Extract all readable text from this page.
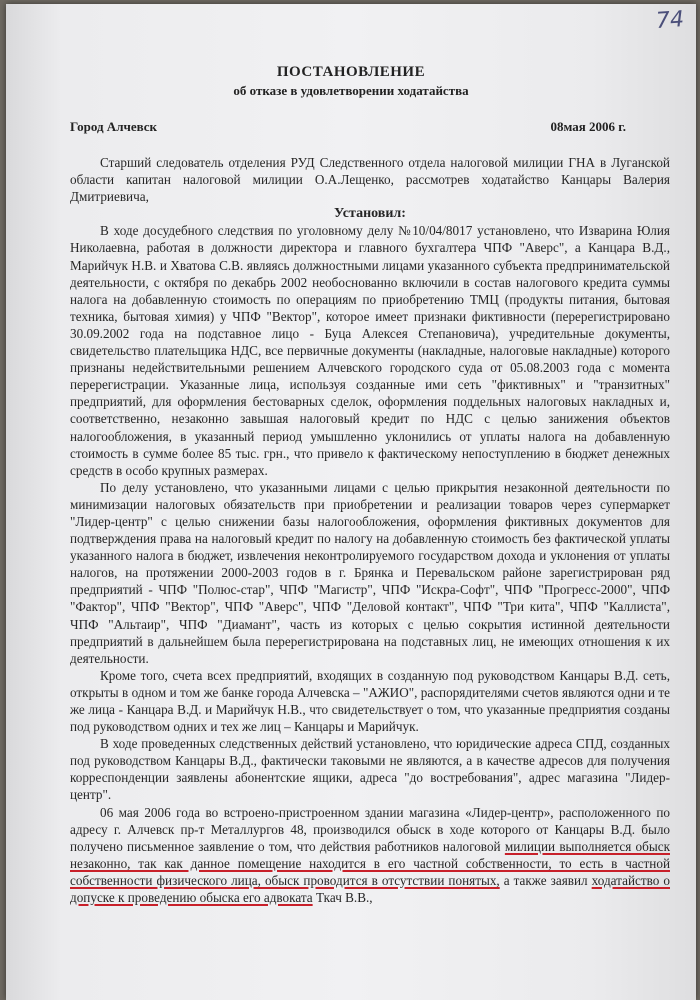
74
ПОСТАНОВЛЕНИЕ
об отказе в удовлетворении ходатайства
Город Алчевск	08мая 2006 г.

Старший следователь отделения РУД Следственного отдела налоговой милиции ГНА в Луганской области капитан налоговой милиции О.А.Лещенко, рассмотрев ходатайство Канцары Валерия Дмитриевича,

Установил:

В ходе досудебного следствия по уголовному делу №10/04/8017 установлено, что Изварина Юлия Николаевна, работая в должности директора и главного бухгалтера ЧПФ "Аверс", а Канцара В.Д., Марийчук Н.В. и Хватова С.В. являясь должностными лицами указанного субъекта предпринимательской деятельности, с октября по декабрь 2002 необоснованно включили в состав налогового кредита суммы налога на добавленную стоимость по операциям по приобретению ТМЦ (продукты питания, бытовая техника, бытовая химия) у ЧПФ "Вектор", которое имеет признаки фиктивности (перерегистрировано 30.09.2002 года на подставное лицо - Буца Алексея Степановича), учредительные документы, свидетельство плательщика НДС, все первичные документы (накладные, налоговые накладные) которого признаны недействительными решением Алчевского городского суда от 05.08.2003 года с момента перерегистрации. Указанные лица, используя созданные ими сеть "фиктивных" и "транзитных" предприятий, для оформления бестоварных сделок, оформления поддельных налоговых накладных и, соответственно, незаконно завышая налоговый кредит по НДС с целью занижения объектов налогообложения, в указанный период умышленно уклонились от уплаты налога на добавленную стоимость в сумме более 85 тыс. грн., что привело к фактическому непоступлению в бюджет денежных средств в особо крупных размерах.

По делу установлено, что указанными лицами с целью прикрытия незаконной деятельности по минимизации налоговых обязательств при приобретении и реализации товаров через супермаркет "Лидер-центр" с целью снижении базы налогообложения, оформления фиктивных документов для подтверждения права на налоговый кредит по налогу на добавленную стоимость без фактической уплаты указанного налога в бюджет, извлечения неконтролируемого государством дохода и уклонения от уплаты налогов, на протяжении 2000-2003 годов в г. Брянка и Перевальском районе зарегистрирован ряд предприятий - ЧПФ "Полюс-стар", ЧПФ "Магистр", ЧПФ "Искра-Софт", ЧПФ "Прогресс-2000", ЧПФ "Фактор", ЧПФ "Вектор", ЧПФ "Аверс", ЧПФ "Деловой контакт", ЧПФ "Три кита", ЧПФ "Каллиста", ЧПФ "Альтаир", ЧПФ "Диамант", часть из которых с целью сокрытия истинной деятельности предприятий в дальнейшем была перерегистрирована на подставных лиц, не имеющих отношения к их деятельности.

Кроме того, счета всех предприятий, входящих в созданную под руководством Канцары В.Д. сеть, открыты в одном и том же банке города Алчевска – "АЖИО", распорядителями счетов являются одни и те же лица - Канцара В.Д. и Марийчук Н.В., что свидетельствует о том, что указанные предприятия созданы под руководством одних и тех же лиц – Канцары и Марийчук.

В ходе проведенных следственных действий установлено, что юридические адреса СПД, созданных под руководством Канцары В.Д., фактически таковыми не являются, а в качестве адресов для получения корреспонденции заявлены абонентские ящики, адреса "до востребования", адрес магазина "Лидер-центр".

06 мая 2006 года во встроено-пристроенном здании магазина «Лидер-центр», расположенного по адресу г. Алчевск пр-т Металлургов 48, производился обыск в ходе которого от Канцары В.Д. было получено письменное заявление о том, что действия работников налоговой милиции выполняется обыск незаконно, так как данное помещение находится в его частной собственности, то есть в частной собственности физического лица, обыск проводится в отсутствии понятых, а также заявил ходатайство о допуске к проведению обыска его адвоката Ткач В.В.,
